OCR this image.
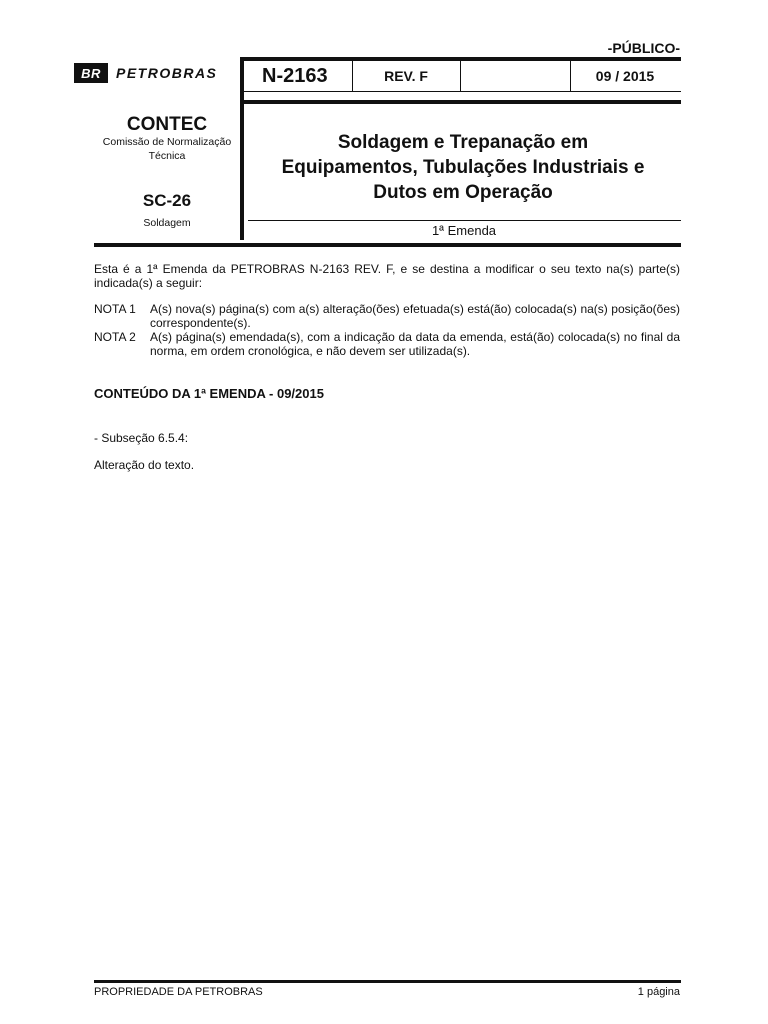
-PÚBLICO-
BR	PETROBRAS N-2163	REV. F	09 / 2015
CONTEC
Comissão de Normalização Técnica
SC-26
Soldagem
Soldagem e Trepanação em
Equipamentos, Tubulações Industriais e
Dutos em Operação
1ª Emenda
Esta é a 1ª Emenda da PETROBRAS N-2163 REV. F, e se destina a modificar o seu texto na(s) parte(s) indicada(s) a seguir:
NOTA 1	A(s) nova(s) página(s) com a(s) alteração(ões) efetuada(s) está(ão) colocada(s) na(s) posição(ões) correspondente(s).
NOTA 2	A(s) página(s) emendada(s), com a indicação da data da emenda, está(ão) colocada(s) no final da norma, em ordem cronológica, e não devem ser utilizada(s).
CONTEÚDO DA 1ª EMENDA - 09/2015
- Subseção 6.5.4:
Alteração do texto.
PROPRIEDADE DA PETROBRAS	1 página
